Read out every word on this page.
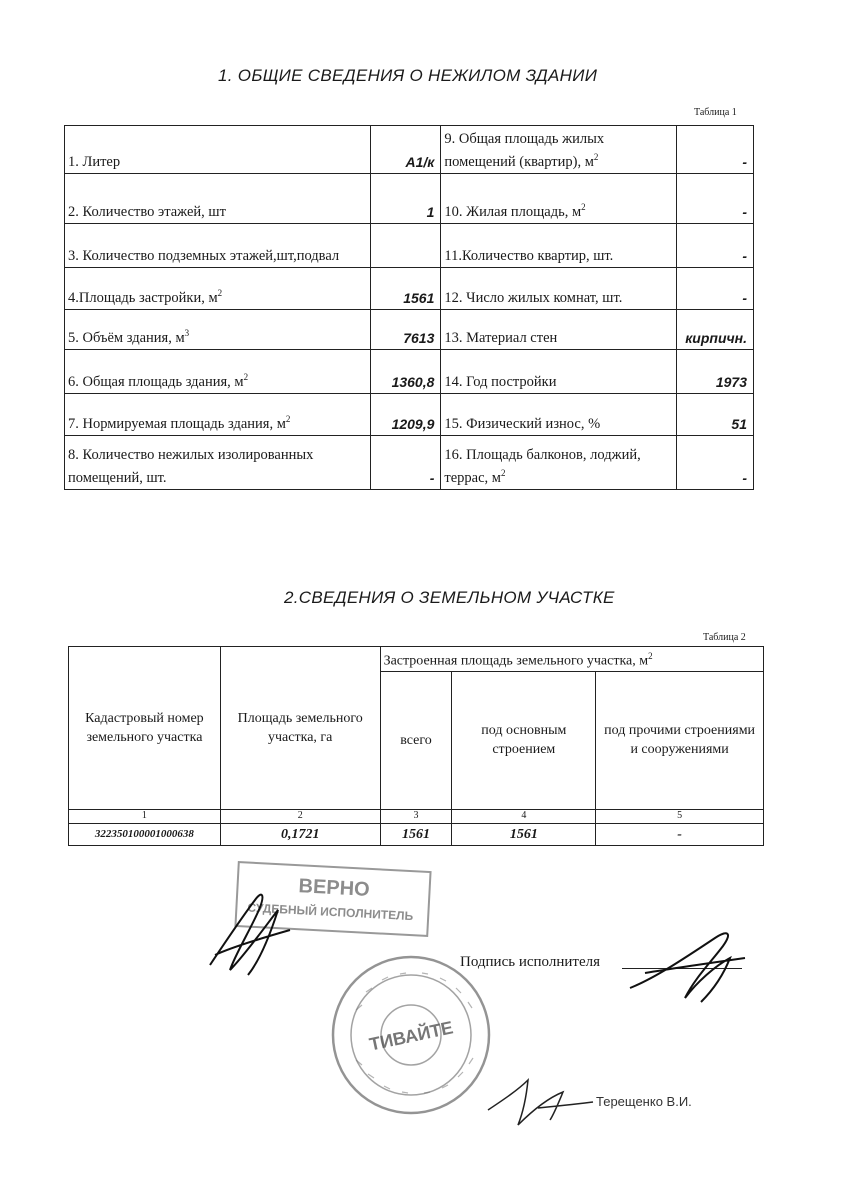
1. ОБЩИЕ СВЕДЕНИЯ О НЕЖИЛОМ ЗДАНИИ
Таблица 1
1. Литер	А1/к	9. Общая площадь жилых помещений (квартир), $м^2$	-
2. Количество этажей, шт	1	10. Жилая площадь, $м^2$	-
3. Количество подземных этажей,шт,подвал		11.Количество квартир, шт.	-
4.Площадь застройки, $м^2$	1561	12. Число жилых комнат, шт.	-
5. Объём здания, $м^3$	7613	13. Материал стен	кирпичн.
6. Общая площадь здания, $м^2$	1360,8	14. Год постройки	1973
7. Нормируемая площадь здания, $м^2$	1209,9	15. Физический износ, %	51
8. Количество нежилых изолированных помещений, шт.	-	16. Площадь балконов, лоджий, террас, $м^2$	-
2.СВЕДЕНИЯ О ЗЕМЕЛЬНОМ УЧАСТКЕ
Таблица 2
Кадастровый номер земельного участка	Площадь земельного участка, га	Застроенная площадь земельного участка, $м^2$
		всего	под основным строением	под прочими строениями и сооружениями
1	2	3	4	5
322350100001000638	0,1721	1561	1561	-
ВЕРНО
СУДЕБНЫЙ ИСПОЛНИТЕЛЬ
ТИВАЙТЕ
Подпись исполнителя
Терещенко В.И.
